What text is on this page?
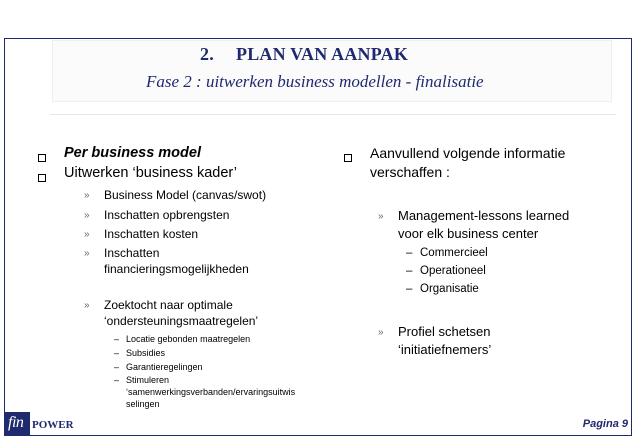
2. PLAN VAN AANPAK
Fase 2 : uitwerken business modellen - finalisatie
Per business model
Uitwerken ‘business kader’
» Business Model (canvas/swot)
» Inschatten opbrengsten
» Inschatten kosten
» Inschatten
financieringsmogelijkheden
» Zoektocht naar optimale
‘ondersteuningsmaatregelen’
– Locatie gebonden maatregelen
– Subsidies
– Garantieregelingen
– Stimuleren
‘samenwerkingsverbanden/ervaringsuitwis
selingen
Aanvullend volgende informatie
verschaffen :
» Management-lessons learned
voor elk business center
– Commercieel
– Operationeel
– Organisatie
» Profiel schetsen
‘initiatiefnemers’
fin POWER	Pagina 9
